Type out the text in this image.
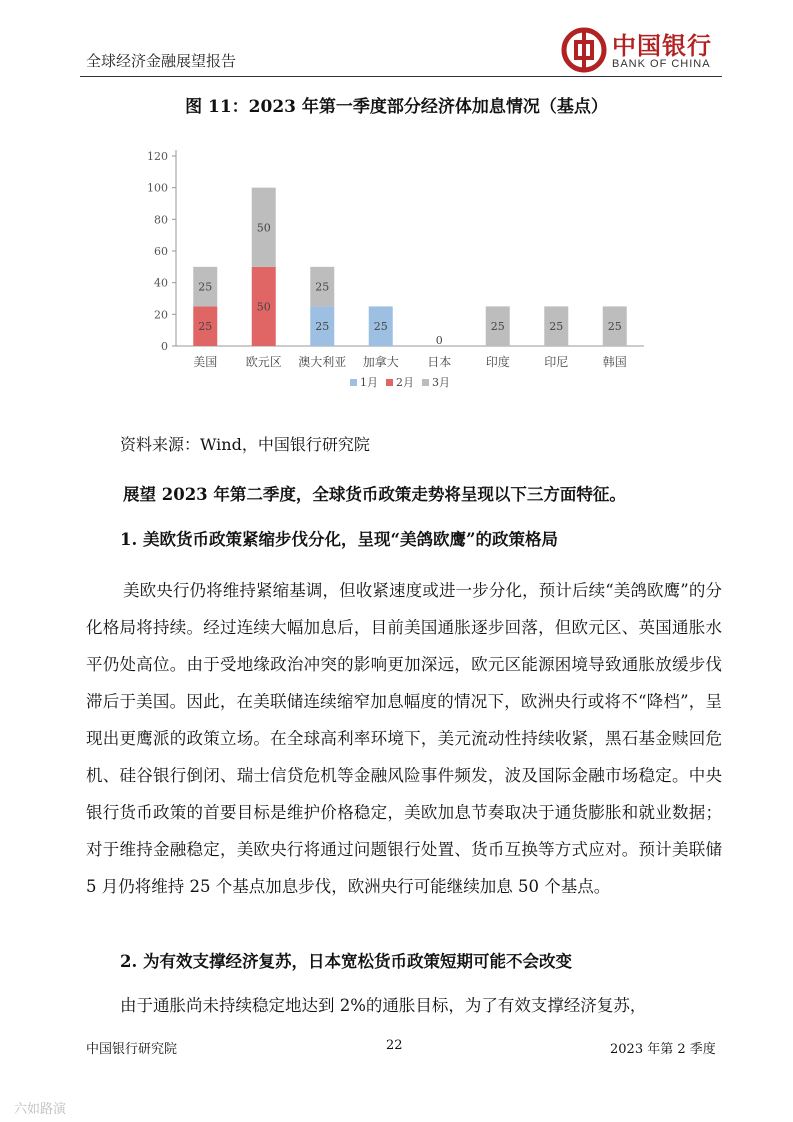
全球经济金融展望报告
中国银行
BANK OF CHINA
图 11：2023 年第一季度部分经济体加息情况（基点）
0
20
40
60
80
100
120
25
25
美国
50
50
欧元区
25
25
澳大利亚
25
加拿大
0
日本
25
印度
25
印尼
25
韩国
1月 2月 3月
资料来源：Wind，中国银行研究院
展望 2023 年第二季度，全球货币政策走势将呈现以下三方面特征。
1. 美欧货币政策紧缩步伐分化，呈现“美鸽欧鹰”的政策格局
美欧央行仍将维持紧缩基调，但收紧速度或进一步分化，预计后续“美鸽欧鹰”的分化格局将持续。经过连续大幅加息后，目前美国通胀逐步回落，但欧元区、英国通胀水平仍处高位。由于受地缘政治冲突的影响更加深远，欧元区能源困境导致通胀放缓步伐滞后于美国。因此，在美联储连续缩窄加息幅度的情况下，欧洲央行或将不“降档”，呈现出更鹰派的政策立场。在全球高利率环境下，美元流动性持续收紧，黑石基金赎回危机、硅谷银行倒闭、瑞士信贷危机等金融风险事件频发，波及国际金融市场稳定。中央银行货币政策的首要目标是维护价格稳定，美欧加息节奏取决于通货膨胀和就业数据；对于维持金融稳定，美欧央行将通过问题银行处置、货币互换等方式应对。预计美联储 5 月仍将维持 25 个基点加息步伐，欧洲央行可能继续加息 50 个基点。
2. 为有效支撑经济复苏，日本宽松货币政策短期可能不会改变
由于通胀尚未持续稳定地达到 2%的通胀目标，为了有效支撑经济复苏，
中国银行研究院	22	2023 年第 2 季度
六如路演
